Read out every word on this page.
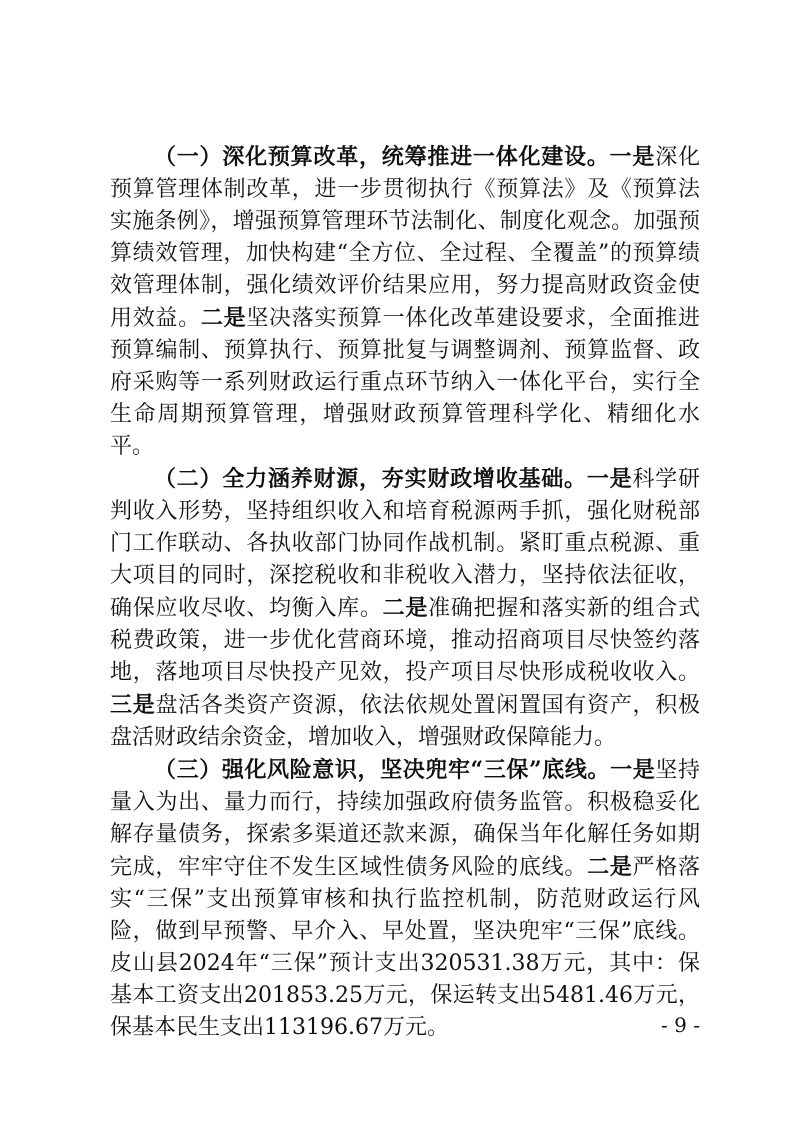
（一）深化预算改革，统筹推进一体化建设。一是深化预算管理体制改革，进一步贯彻执行《预算法》及《预算法实施条例》，增强预算管理环节法制化、制度化观念。加强预算绩效管理，加快构建“全方位、全过程、全覆盖”的预算绩效管理体制，强化绩效评价结果应用，努力提高财政资金使用效益。二是坚决落实预算一体化改革建设要求，全面推进预算编制、预算执行、预算批复与调整调剂、预算监督、政府采购等一系列财政运行重点环节纳入一体化平台，实行全生命周期预算管理，增强财政预算管理科学化、精细化水平。

（二）全力涵养财源，夯实财政增收基础。一是科学研判收入形势，坚持组织收入和培育税源两手抓，强化财税部门工作联动、各执收部门协同作战机制。紧盯重点税源、重大项目的同时，深挖税收和非税收入潜力，坚持依法征收，确保应收尽收、均衡入库。二是准确把握和落实新的组合式税费政策，进一步优化营商环境，推动招商项目尽快签约落地，落地项目尽快投产见效，投产项目尽快形成税收收入。三是盘活各类资产资源，依法依规处置闲置国有资产，积极盘活财政结余资金，增加收入，增强财政保障能力。

（三）强化风险意识，坚决兜牢“三保”底线。一是坚持量入为出、量力而行，持续加强政府债务监管。积极稳妥化解存量债务，探索多渠道还款来源，确保当年化解任务如期完成，牢牢守住不发生区域性债务风险的底线。二是严格落实“三保”支出预算审核和执行监控机制，防范财政运行风险，做到早预警、早介入、早处置，坚决兜牢“三保”底线。皮山县2024年“三保”预计支出320531.38万元，其中：保基本工资支出201853.25万元，保运转支出5481.46万元，保基本民生支出113196.67万元。	- 9 -
